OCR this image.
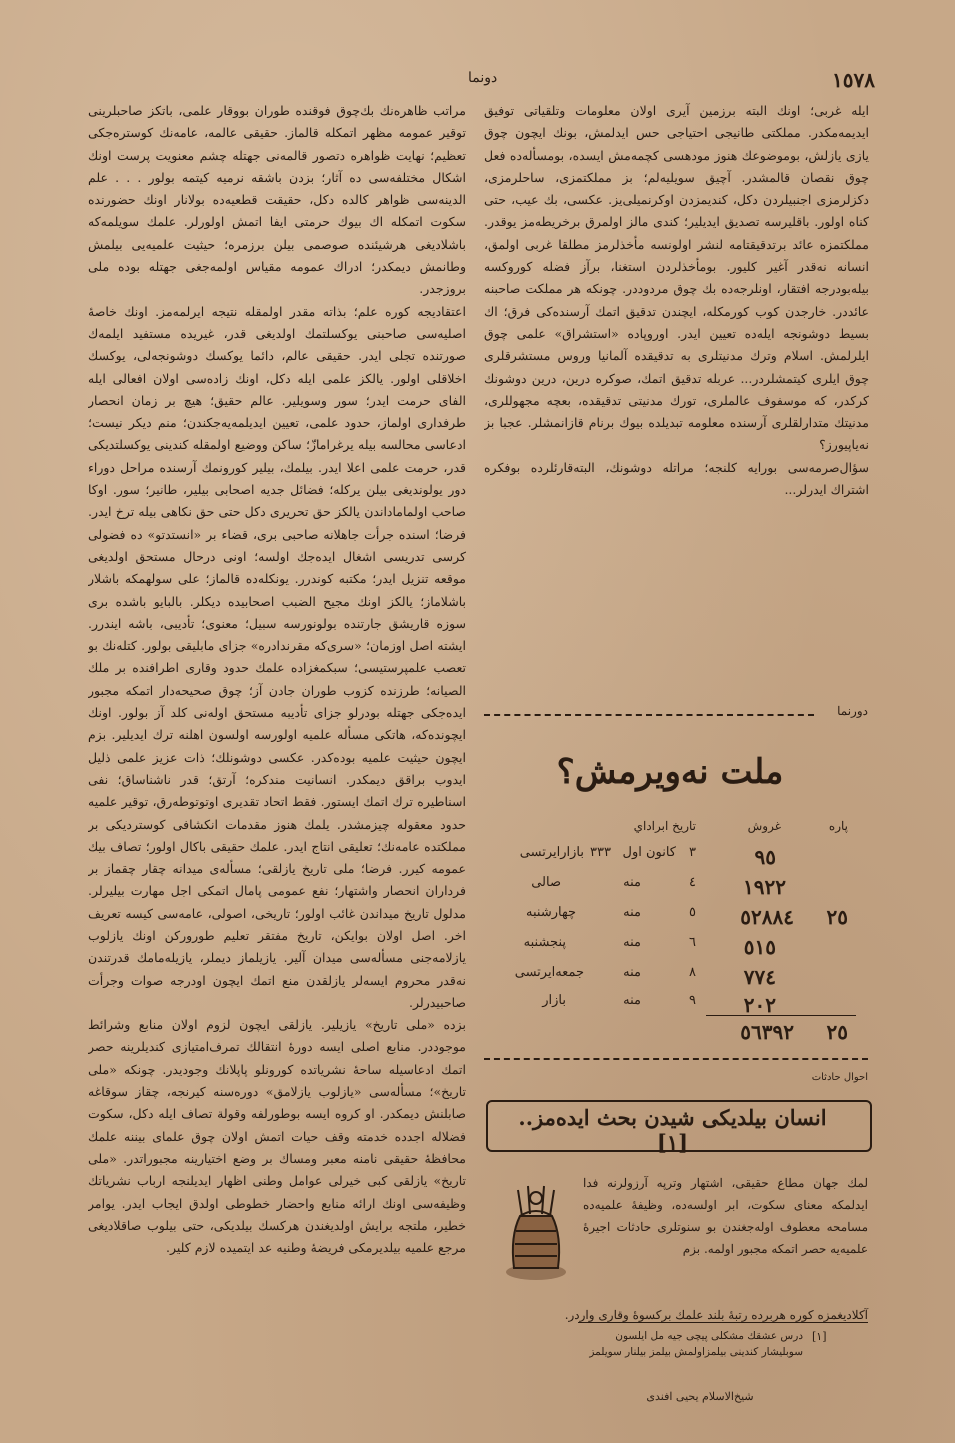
١٥٧٨
دونما

مراتب ظاهره‌نك بك‌چوق فوقنده طوران بووقار علمی، باتكز صاحبلرینی توقیر عمومه مظهر اتمكله قالماز. حقیقی عالمه، عامه‌نك كوستره‌جكی تعظیم؛ نهایت ظواهره دتصور قالمه‌نی جهتله چشم معنویت پرست اونك اشكال مختلفه‌سی ده آثار؛ بزدن باشقه نرمیه كیتمه بولور . . . علم الدینه‌سی ظواهر كالده دكل، حقیقت قطعیه‌ده بولانار اونك حضورنده سكوت اتمكله اك بیوك حرمتی ایفا اتمش اولورلر. علمك سویلمه‌كه باشلادیغی هرشیئنده صوصمی بیلن برزمره؛ حیثیت علمیه‌یی بیلمش وطانمش دیمكدر؛ ادراك عمومه مقیاس اولمه‌جغی جهتله بوده ملی بروزجدر.

اعتقادیجه كوره علم؛ بذاته مقدر اولمقله نتیجه ایرلمه‌مز. اونك خاصهٔ اصلیه‌سی صاحبنی یوكسلتمك اولدیغی قدر، غیریده مستفید ایلمه‌ك صورتنده تجلی ایدر. حقیقی عالم، دائما یوكسك دوشونجه‌لی، یوكسك اخلاقلی اولور. یالكز علمی ایله دكل، اونك زاده‌سی اولان افعالی ایله الفای حرمت ایدر؛ سور وسویلیر. عالم حقیق؛ هیچ بر زمان انحصار طرفداری اولماز، حدود علمی، تعیین ایدیلمه‌یه‌جكندن؛ منم دیكر نیست؛ ادعاسی محالسه بیله یرغرامازّ؛ ساكن ووضیع اولمقله كندینی یوكسلتدیكی قدر، حرمت علمی اعلا ایدر. بیلمك، بیلیر كورونمك آرسنده مراحل دوراء دور یولوندیغی بیلن یركله؛ فضائل جدیه اصحابی بیلیر، طانیر؛ سور. اوكا صاحب اولماماداندن یالكز حق تحریری دكل حتی حق نكاهی بیله ترخ ایدر. فرضا؛ اسنده جرأت جاهلانه صاحبی بری، قضاء بر «انستدتو» ده فضولی كرسی تدریسی اشغال ایده‌جك اولسه؛ اونی درحال مستحق اولدیغی موقعه تنزیل ایدر؛ مكتبه كوندرر. یونكله‌ده قالماز؛ علی سولهمكه باشلار باشلاماز؛ یالكز اونك مجیح الضبب اصحابیده دیكلر. بالبایو باشده بری سوزه قاریشق جارتنده بولونورسه سبیل؛ معنوی؛ تأدیبی، باشه ایندرر. ایشته اصل اوزمان؛ «سری‌كه مقرندادره» جزای مابلیقی بولور. كتله‌نك بو تعصب علمپرستیسی؛ سبكمغزاده علمك حدود وقاری اطرافنده بر ملك الصیانه؛ طرزنده كزوب طوران جادن آز؛ چوق صحیحه‌دار اتمكه مجبور ایده‌جكی جهتله بودرلو جزای تأدیبه مستحق اوله‌نی‌ كلد آز بولور. اونك ایچونده‌كه، هاتكی مسأله علمیه اولورسه اولسون اهلنه ترك ایدیلیر. بزم ایچون حیثیت علمیه بوده‌كدر. عكسی دوشونلك؛ ذات عزیز علمی ذلیل ایدوب براقق دیمكدر. انسانیت مندكره؛ آرتق؛ قدر ناشناساق؛ نفی اسناطیره ترك اتمك ایستور. فقط اتحاد تقدیری اوتوتوطه‌رق، توقیر علمیه حدود معقوله چیزمشدر. یلمك هنوز مقدمات انكشافی كوستردیكی بر مملكتده عامه‌نك؛ تعلیقی انتاج ایدر. علمك حقیقی باكال اولور؛ تصاف بیك عمومه كیرر. فرضا؛ ملی تاریخ یازلقی؛ مسأله‌ی میدانه چقار چقماز بر فرداران انحصار واشتهار؛ نفع عمومی‌ پامال اتمكی اجل مهارت بیلیرلر. مدلول تاریخ میداندن غائب اولور؛ تاریخی، اصولی، عامه‌سی كیسه تعریف اخر. اصل اولان بوایكن، تاریخ مفتقر تعلیم طوروركن اونك یازلوب یازلامه‌جنی مسأله‌سی میدان آلیر. یازیلماز دیملر، یازیله‌مامك قدرتندن نه‌قدر محروم ایسه‌لر یازلقدن منع اتمك ایچون اودرجه صوات وجرأت صاحبیدرلر.

بزده «ملی تاریخ» یازیلیر. یازلقی ایچون لزوم اولان منابع وشرائط موجوددر. منابع اصلی ایسه دورهٔ انتقالك تمرف‌امتیازی كندیلرینه حصر اتمك ادعاسیله ساحهٔ نشریاتده كورونلو پاپلانك وجودیدر. چونكه «ملی تاریخ»؛ مسأله‌سی «یازلوب یازلامق» دوره‌سنه كیرنجه، چقاز سوقاغه صابلنش دیمكدر. او كروه ایسه بوطورلفه وقولة تصاف ایله دكل، سكوت فضلاله اجدده خدمته وقف حیات اتمش اولان چوق علمای بیننه علمك محافظهٔ حقیقی نامنه معبر ومساك بر وضع اختیارینه مجبوراتدر. «ملی تاریخ» یازلقی كبی خیرلی عوامل وطنی اظهار ایدیلنجه ارباب نشریاتك وظیفه‌سی اونك ارائه منابع واحضار خطوطی اولدق ایجاب ایدر. یوامر خطیر، ملتجه برایش اولدیغندن هركسك بیلدیكی، حتی بیلوب صاقلادیغی مرجع علمیه بیلدیرمكی فریضهٔ وطنیه عد ایتمیده لازم كلیر.

ایله غربی؛ اونك البته برزمین آیری اولان معلومات وتلقیاتی توفیق ایدیمه‌مكدر. مملكتی طانیجی احتیاجی حس ایدلمش، بونك ایچون چوق یازی یازلش، بوموضوعك هنوز مودهسی كچمه‌مش ایسده، بومسأله‌ده فعل چوق نقصان قالمشدر. آچیق سویلیه‌لم؛ بز مملكتمزی، ساحلرمزی، دكزلرمزی اجنبیلردن دكل، كندیمزدن اوكرنمیلی‌یز. عكسی، بك عیب، حتی كناه اولور. باقلیرسه تصدیق ایدیلیر؛ كندی مالز اولمرق برخریطه‌مز یوقدر. مملكتمزه عائد برتدقیقتامه لنشر اولونسه مأخذلرمز مطلقا غربی اولمق، انسانه نه‌قدر آغیر كلیور. بومأخذلردن استغنا، برآز فضله‌ كوروكسه بیله‌بودرجه افتقار، اونلرجه‌ده بك چوق مردوددر. چونكه هر مملكت صاحبنه عائددر. خارجدن كوب كورمكله، ایچندن تدقیق اتمك آرسنده‌كی فرق؛ اك بسیط دوشونجه ایله‌ده تعیین ایدر. اوروپاده «استشراق» علمی چوق ایلرلمش. اسلام وترك مدنیتلری به تدقیقده آلمانیا وروس مستشرقلری چوق ایلری كیتمشلردر... عربله تدقیق اتمك، صوكره درین، درین دوشونك كركدر، كه موسفوف عالملری، تورك مدنیتی تدقیقده، بعچه مجهوللری، مدنیتك متدارلقلری آرسنده معلومه تبدیلده بیوك برنام قازانمشلر. عجبا بز نه‌یاپیورز؟

سؤال‌صرمه‌سی بورایه كلنجه؛ مراتله دوشونك، البته‌قارئلرده بوفكره اشتراك ایدرلر...

دورنما
ملت نه‌ویرمش؟
پاره
غروش
تاريخ ابراداي
٩٥
٣
كانون اول
٣٣٣
بازارايرتسی
١٩٢٢
٤
منه
صالی
٢٥
٥٢٨٨٤
٥
منه
چهارشنبه
٥١٥
٦
منه
پنجشنبه
٧٧٤
٨
منه
جمعه‌ایرتسی
٢٠٢
٩
منه
بازار
٢٥
٥٦٣٩٢
احوال حادثات
انسان بیلدیكی شیدن بحث ایده‌مز.. [١]
لمك جهان مطاع حقیقی، اشتهار وترپه آرزولرنه فدا ایدلمكه معنای سكوت، ابر اولسه‌ده، وظیفهٔ علمیه‌ده مسامحه معطوف اوله‌جغندن بو سنوتلری حادثات اجیرهٔ علمیه‌یه حصر اتمكه مجبور اولمه. بزم
آكلادیغمزه كوره هربرده رتبهٔ بلند علمك بركسوهٔ وقاری واردر.
[١]
درس عشقك مشكلی پیچی جیه مل ایلسون سوبلیشار كندینی بیلمزاولمش بیلمز بیلنار سویلمز
شیخ‌الاسلام یحیی افندی
